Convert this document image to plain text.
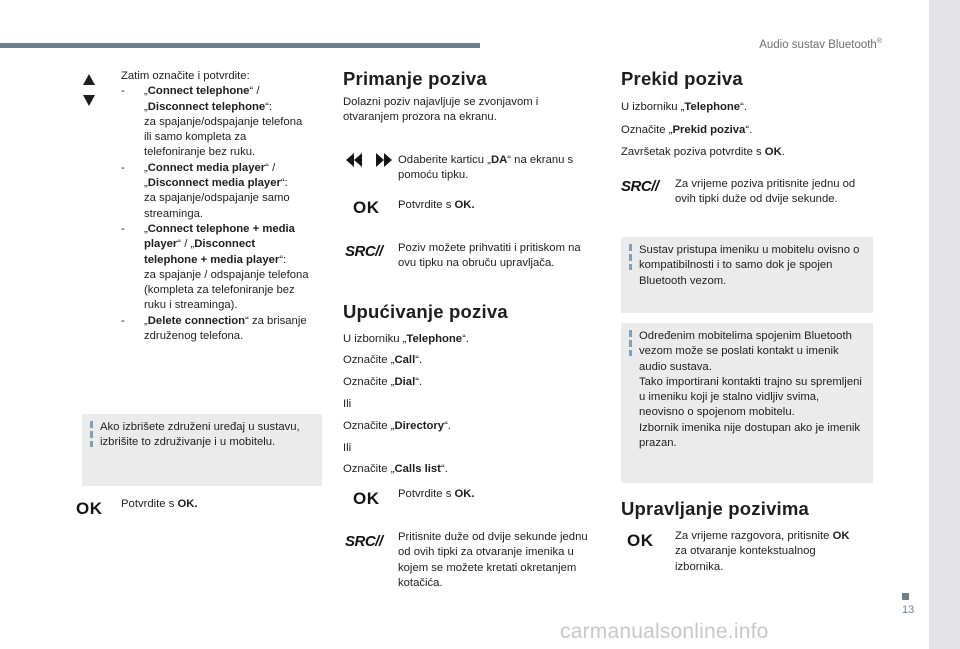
Audio sustav Bluetooth®
13
carmanualsonline.info
Zatim označite i potvrdite:
- „Connect telephone“ / „Disconnect telephone“:
za spajanje/odspajanje telefona ili samo kompleta za telefoniranje bez ruku.
- „Connect media player“ / „Disconnect media player“:
za spajanje/odspajanje samo streaminga.
- „Connect telephone + media player“ / „Disconnect telephone + media player“:
za spajanje / odspajanje telefona (kompleta za telefoniranje bez ruku i streaminga).
- „Delete connection“ za brisanje združenog telefona.
Ako izbrišete združeni uređaj u sustavu, izbrišite to združivanje i u mobitelu.
OK Potvrdite s OK.
Primanje poziva
Dolazni poziv najavljuje se zvonjavom i otvaranjem prozora na ekranu.
Odaberite karticu „DA“ na ekranu s pomoću tipku.
OK Potvrdite s OK.
SRC// Poziv možete prihvatiti i pritiskom na ovu tipku na obruču upravljača.
Upućivanje poziva
U izborniku „Telephone“.
Označite „Call“.
Označite „Dial“.
Ili
Označite „Directory“.
Ili
Označite „Calls list“.
OK Potvrdite s OK.
SRC// Pritisnite duže od dvije sekunde jednu od ovih tipki za otvaranje imenika u kojem se možete kretati okretanjem kotačića.
Prekid poziva
U izborniku „Telephone“.
Označite „Prekid poziva“.
Završetak poziva potvrdite s OK.
SRC// Za vrijeme poziva pritisnite jednu od ovih tipki duže od dvije sekunde.
Sustav pristupa imeniku u mobitelu ovisno o kompatibilnosti i to samo dok je spojen Bluetooth vezom.
Određenim mobitelima spojenim Bluetooth vezom može se poslati kontakt u imenik audio sustava.
Tako importirani kontakti trajno su spremljeni u imeniku koji je stalno vidljiv svima, neovisno o spojenom mobitelu.
Izbornik imenika nije dostupan ako je imenik prazan.
Upravljanje pozivima
OK Za vrijeme razgovora, pritisnite OK za otvaranje kontekstualnog izbornika.
